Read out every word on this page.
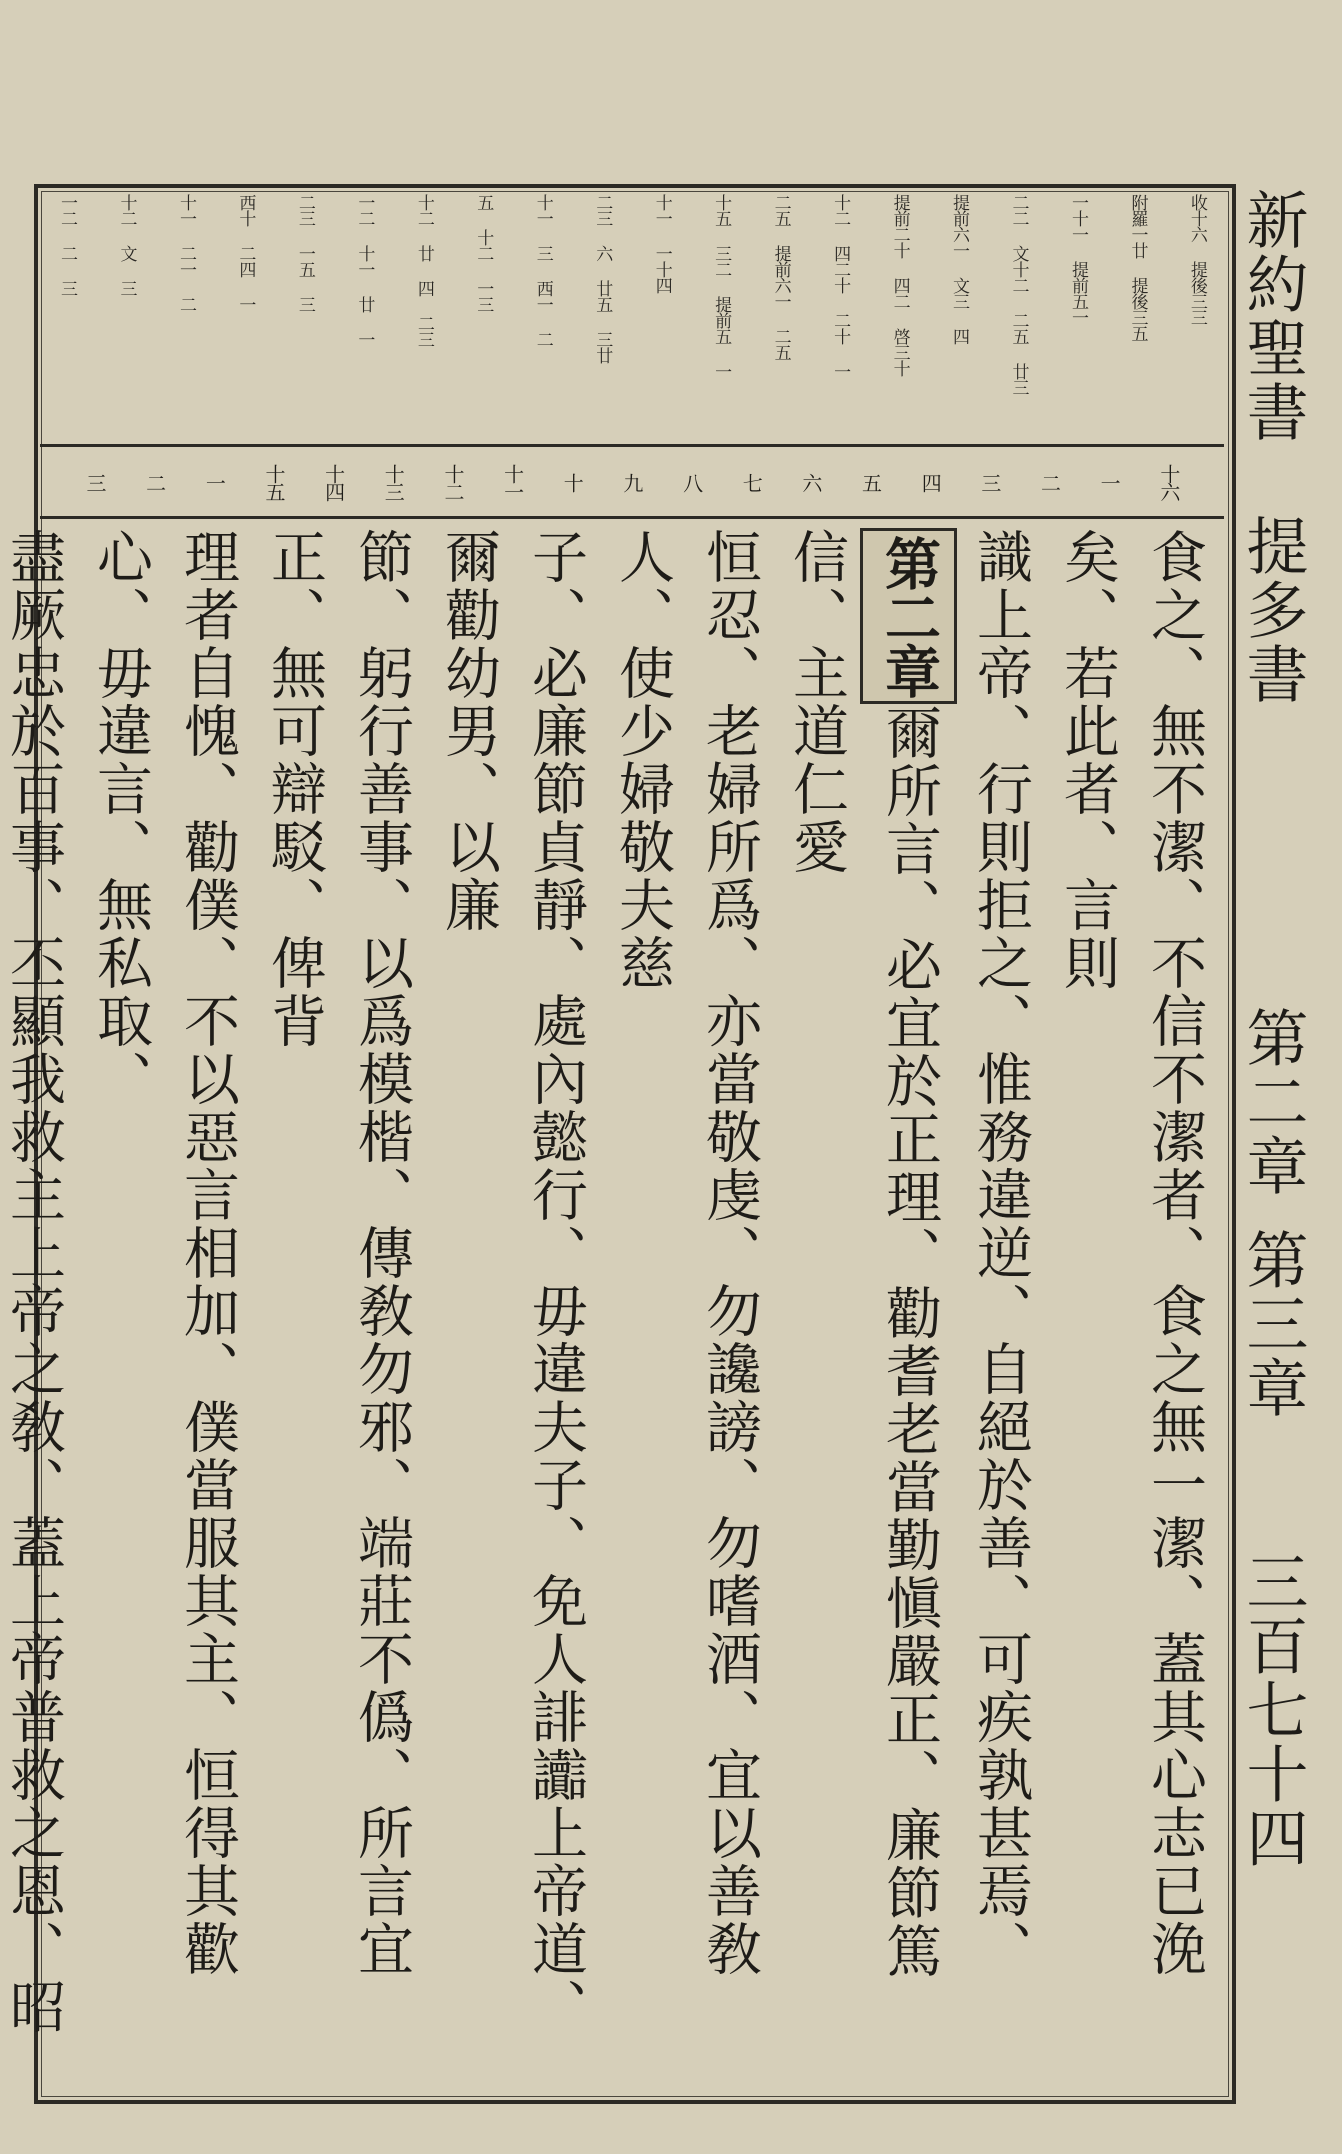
新約聖書
提多書
第二章
第三章
三百七十四
收十六 提後三三
附羅一廿 提後三五
一十一 提前五一
二二 文十二 二五 廿三
提前六一 文三 四
提前二十 四二 啓三十
十二 四二十 二十 一
二五 提前六一 二五
十五 三二 提前五 一
十一 一十四
二三 六 廿五 三廿
十一 三 西一 二
五 十二 一三
十二 廿 四 二三
一二 十一 廿 一
二三 一五 三
西十 二四 一
十一 二一 二
十二 文 三
一二 二 三
十六
一
二
三
四
五
六
七
八
九
十
十一
十二
十三
十四
十五
一
二
三
食之、無不潔、不信不潔者、食之無一潔、蓋其心志已浼矣、若此者、言則
識上帝、行則拒之、惟務違逆、自絕於善、可疾孰甚焉、
第二章爾所言、必宜於正理、勸耆老當勤愼嚴正、廉節篤信、主道仁愛
恒忍、老婦所爲、亦當敬虔、勿讒謗、勿嗜酒、宜以善敎人、使少婦敬夫慈
子、必廉節貞靜、處內懿行、毋違夫子、免人誹讟上帝道、爾勸幼男、以廉
節、躬行善事、以爲模楷、傳敎勿邪、端莊不僞、所言宜正、無可辯駁、俾背
理者自愧、勸僕、不以惡言相加、僕當服其主、恒得其歡心、毋違言、無私取、
盡厥忠於百事、丕顯我救主上帝之敎、蓋上帝普救之恩、昭
